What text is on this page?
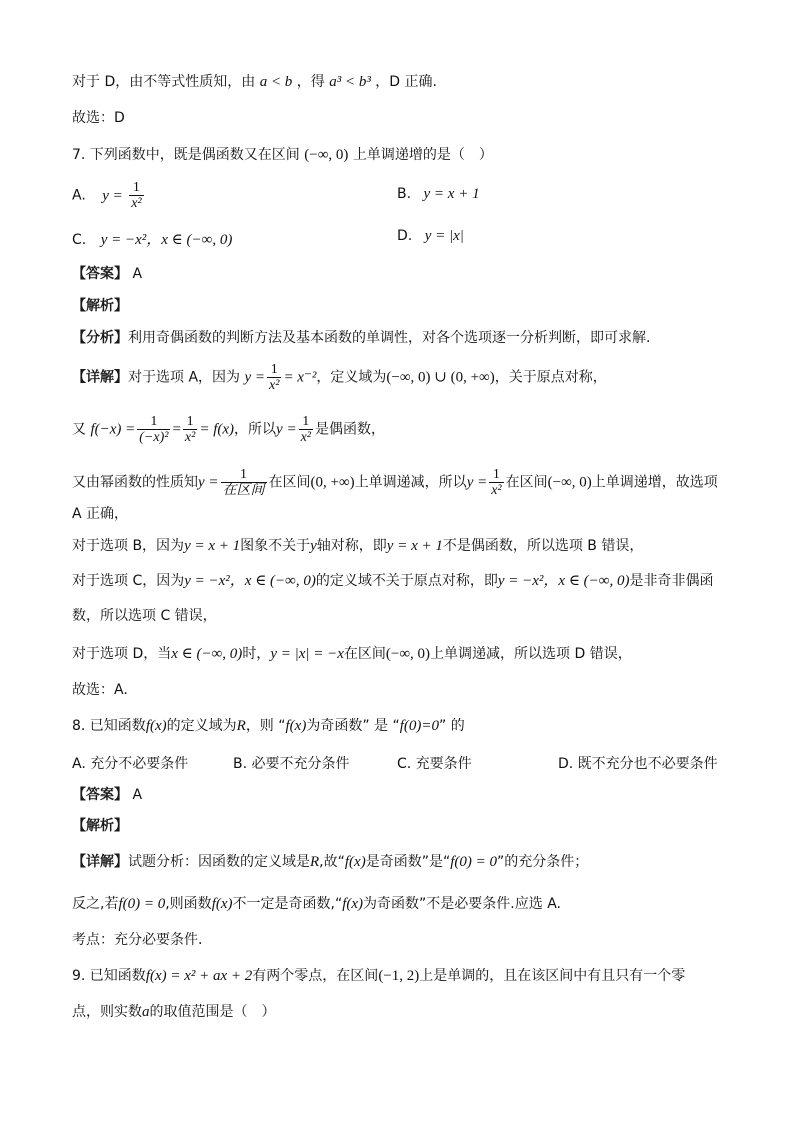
对于 D，由不等式性质知，由 a < b ，得 a³ < b³ ，D 正确.
故选：D
7. 下列函数中，既是偶函数又在区间 (−∞, 0) 上单调递增的是（　）
A. $y = \frac{1}{\text{x²}}$	B. y = x + 1
C. y = −x²，x ∈ (−∞, 0)	D. y = |x|
【答案】 A
【解析】
【分析】利用奇偶函数的判断方法及基本函数的单调性，对各个选项逐一分析判断，即可求解.
【详解】对于选项 A，因为 $y = \frac{1}{\text{x²}} = x^{-2}$，定义域为(−∞, 0) ∪ (0, +∞)，关于原点对称，
又 $f(-x) = \frac{1}{\text{(−x)²}} = \frac{1}{\text{x²}} = f(x)$，所以$y = \frac{1}{\text{x²}}$ 是偶函数，
又由幂函数的性质知$y = \frac{1}{\text{在区间}}$ 在区间(0, +∞)上单调递减，所以$y = \frac{1}{\text{x²}}$ 在区间(−∞, 0)上单调递增，故选项
A 正确，
对于选项 B，因为y = x + 1图象不关于y轴对称，即y = x + 1不是偶函数，所以选项 B 错误，
对于选项 C，因为y = −x²，x ∈ (−∞, 0)的定义域不关于原点对称，即y = −x²，x ∈ (−∞, 0)是非奇非偶函
数，所以选项 C 错误，
对于选项 D，当x ∈ (−∞, 0)时，y = |x| = −x在区间(−∞, 0)上单调递减，所以选项 D 错误，
故选：A.
8. 已知函数f(x)的定义域为R，则 “f(x)为奇函数” 是 “f(0)=0” 的
A. 充分不必要条件	B. 必要不充分条件	C. 充要条件	D. 既不充分也不必要条件
【答案】 A
【解析】
【详解】试题分析：因函数的定义域是R,故“f(x)是奇函数”是“f(0) = 0”的充分条件；
反之,若f(0) = 0,则函数f(x)不一定是奇函数,“f(x)为奇函数”不是必要条件.应选 A.
考点：充分必要条件.
9. 已知函数f(x) = x² + ax + 2有两个零点，在区间(−1, 2)上是单调的，且在该区间中有且只有一个零
点，则实数a的取值范围是（　）
